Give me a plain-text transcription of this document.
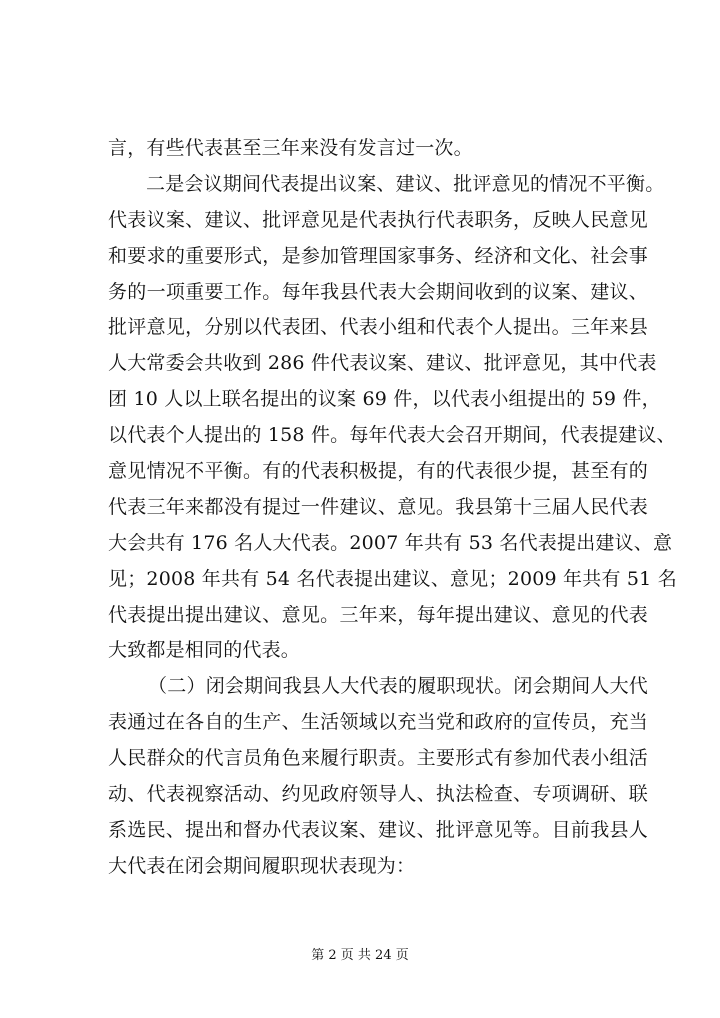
言，有些代表甚至三年来没有发言过一次。
二是会议期间代表提出议案、建议、批评意见的情况不平衡。
代表议案、建议、批评意见是代表执行代表职务，反映人民意见
和要求的重要形式，是参加管理国家事务、经济和文化、社会事
务的一项重要工作。每年我县代表大会期间收到的议案、建议、
批评意见，分别以代表团、代表小组和代表个人提出。三年来县
人大常委会共收到 286 件代表议案、建议、批评意见，其中代表
团 10 人以上联名提出的议案 69 件，以代表小组提出的 59 件，
以代表个人提出的 158 件。每年代表大会召开期间，代表提建议、
意见情况不平衡。有的代表积极提，有的代表很少提，甚至有的
代表三年来都没有提过一件建议、意见。我县第十三届人民代表
大会共有 176 名人大代表。2007 年共有 53 名代表提出建议、意
见；2008 年共有 54 名代表提出建议、意见；2009 年共有 51 名
代表提出提出建议、意见。三年来，每年提出建议、意见的代表
大致都是相同的代表。
（二）闭会期间我县人大代表的履职现状。闭会期间人大代
表通过在各自的生产、生活领域以充当党和政府的宣传员，充当
人民群众的代言员角色来履行职责。主要形式有参加代表小组活
动、代表视察活动、约见政府领导人、执法检查、专项调研、联
系选民、提出和督办代表议案、建议、批评意见等。目前我县人
大代表在闭会期间履职现状表现为：
第 2 页 共 24 页
